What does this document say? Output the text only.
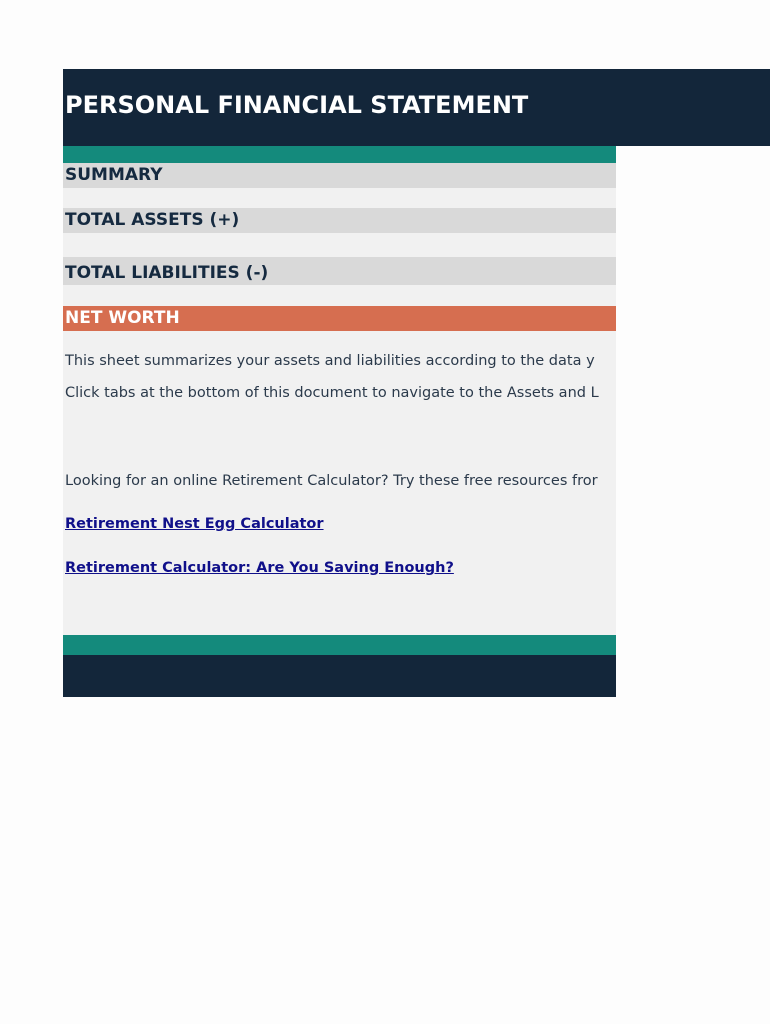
PERSONAL FINANCIAL STATEMENT
SUMMARY
TOTAL ASSETS (+)
TOTAL LIABILITIES (-)
NET WORTH
This sheet summarizes your assets and liabilities according to the data y
Click tabs at the bottom of this document to navigate to the Assets and L
Looking for an online Retirement Calculator? Try these free resources fror
Retirement Nest Egg Calculator
Retirement Calculator: Are You Saving Enough?
